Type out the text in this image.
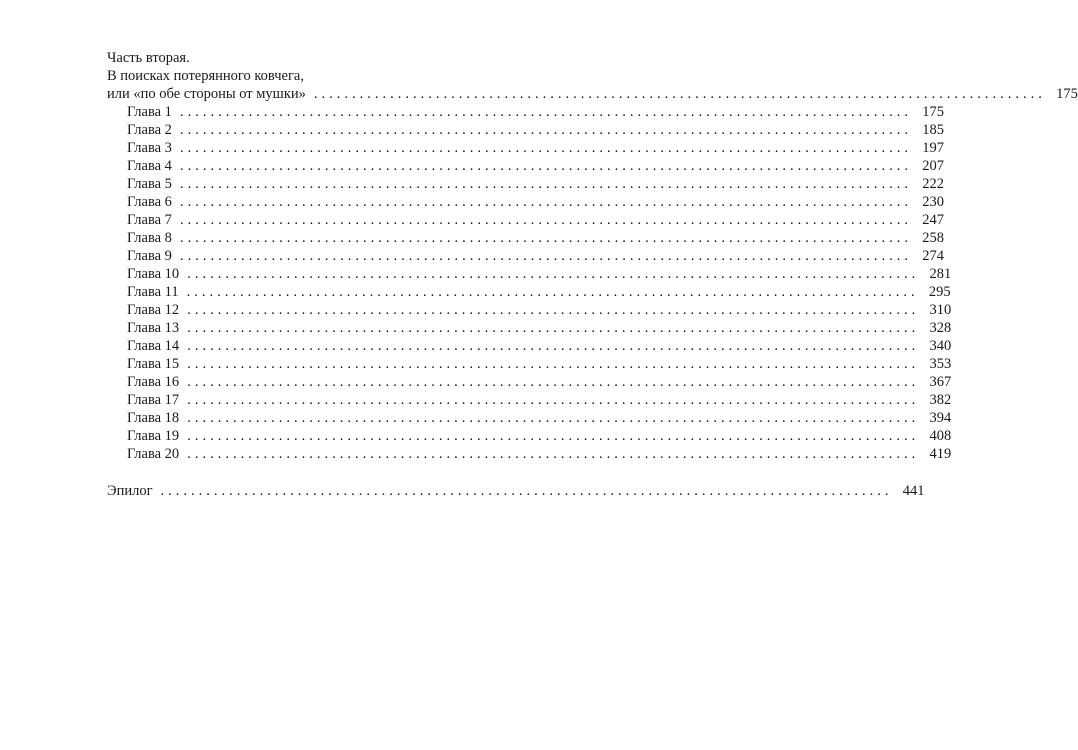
Часть вторая.
В поисках потерянного ковчега,
или «по обе стороны от мушки» ................................................................................................ 175
Глава 1 ................................................................................................ 175
Глава 2 ................................................................................................ 185
Глава 3 ................................................................................................ 197
Глава 4 ................................................................................................ 207
Глава 5 ................................................................................................ 222
Глава 6 ................................................................................................ 230
Глава 7 ................................................................................................ 247
Глава 8 ................................................................................................ 258
Глава 9 ................................................................................................ 274
Глава 10 ................................................................................................ 281
Глава 11 ................................................................................................ 295
Глава 12 ................................................................................................ 310
Глава 13 ................................................................................................ 328
Глава 14 ................................................................................................ 340
Глава 15 ................................................................................................ 353
Глава 16 ................................................................................................ 367
Глава 17 ................................................................................................ 382
Глава 18 ................................................................................................ 394
Глава 19 ................................................................................................ 408
Глава 20 ................................................................................................ 419
Эпилог ................................................................................................ 441
